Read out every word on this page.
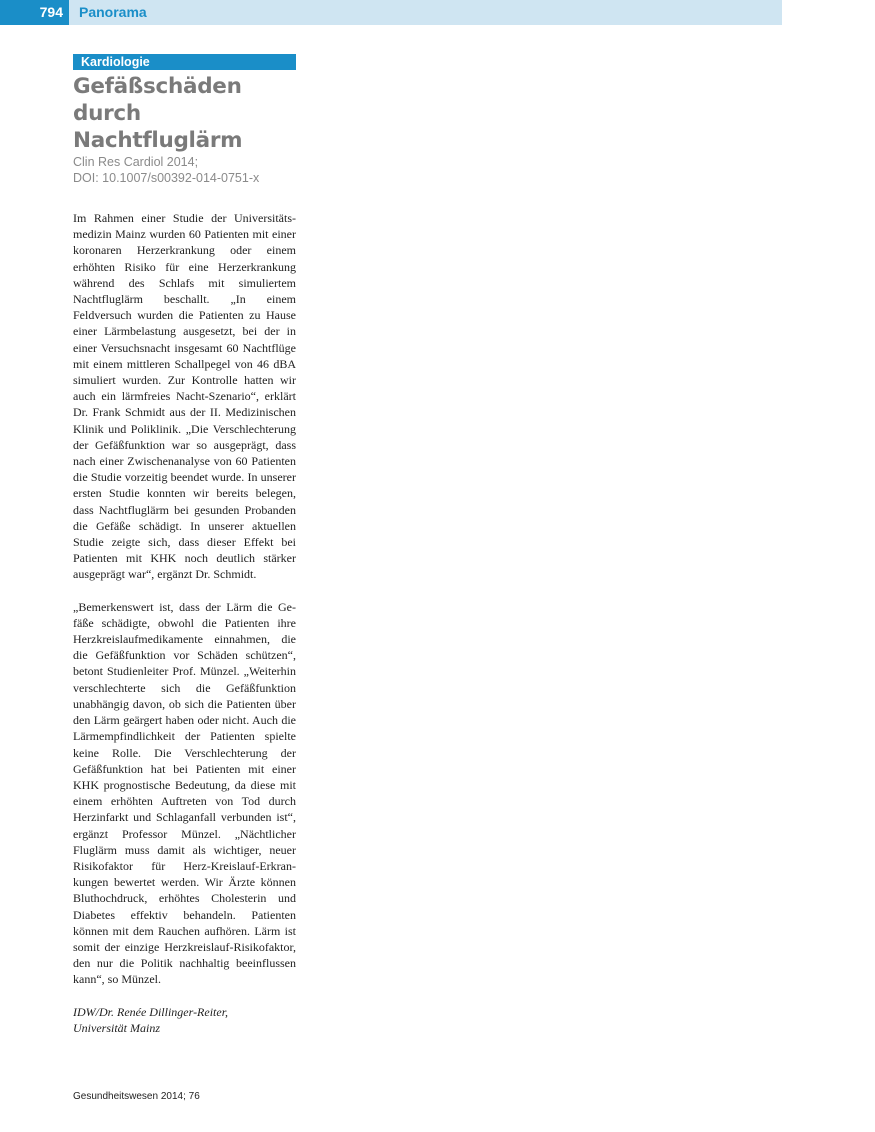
794	Panorama
Kardiologie
Gefäßschäden durch Nachtfluglärm
Clin Res Cardiol 2014;
DOI: 10.1007/s00392-014-0751-x

Im Rahmen einer Studie der Universitätsmedizin Mainz wurden 60 Patienten mit einer koronaren Herzerkrankung oder einem erhöhten Risiko für eine Herzerkrankung während des Schlafs mit simuliertem Nachtfluglärm beschallt. „In einem Feldversuch wurden die Patienten zu Hause einer Lärmbelastung ausgesetzt, bei der in einer Versuchsnacht insgesamt 60 Nachtflüge mit einem mittleren Schallpegel von 46 dBA simuliert wurden. Zur Kontrolle hatten wir auch ein lärmfreies Nacht-Szenario“, erklärt Dr. Frank Schmidt aus der II. Medizinischen Klinik und Poliklinik. „Die Verschlechterung der Gefäßfunktion war so ausgeprägt, dass nach einer Zwischenanalyse von 60 Patienten die Studie vorzeitig beendet wurde. In unserer ersten Studie konnten wir bereits belegen, dass Nachtfluglärm bei gesunden Probanden die Gefäße schädigt. In unserer aktuellen Studie zeigte sich, dass dieser Effekt bei Patienten mit KHK noch deutlich stärker ausgeprägt war“, ergänzt Dr. Schmidt.

„Bemerkenswert ist, dass der Lärm die Gefäße schädigte, obwohl die Patienten ihre Herzkreislaufmedikamente einnahmen, die die Gefäßfunktion vor Schäden schützen“, betont Studienleiter Prof. Münzel. „Weiterhin verschlechterte sich die Gefäßfunktion unabhängig davon, ob sich die Patienten über den Lärm geärgert haben oder nicht. Auch die Lärmempfindlichkeit der Patienten spielte keine Rolle. Die Verschlechterung der Gefäßfunktion hat bei Patienten mit einer KHK prognostische Bedeutung, da diese mit einem erhöhten Auftreten von Tod durch Herzinfarkt und Schlaganfall verbunden ist“, ergänzt Professor Münzel. „Nächtlicher Fluglärm muss damit als wichtiger, neuer Risikofaktor für Herz-Kreislauf-Erkrankungen bewertet werden. Wir Ärzte können Bluthochdruck, erhöhtes Cholesterin und Diabetes effektiv behandeln. Patienten können mit dem Rauchen aufhören. Lärm ist somit der einzige Herzkreislauf-Risikofaktor, den nur die Politik nachhaltig beeinflussen kann“, so Münzel.

IDW/Dr. Renée Dillinger-Reiter,
Universität Mainz
Gesundheitswesen 2014; 76
